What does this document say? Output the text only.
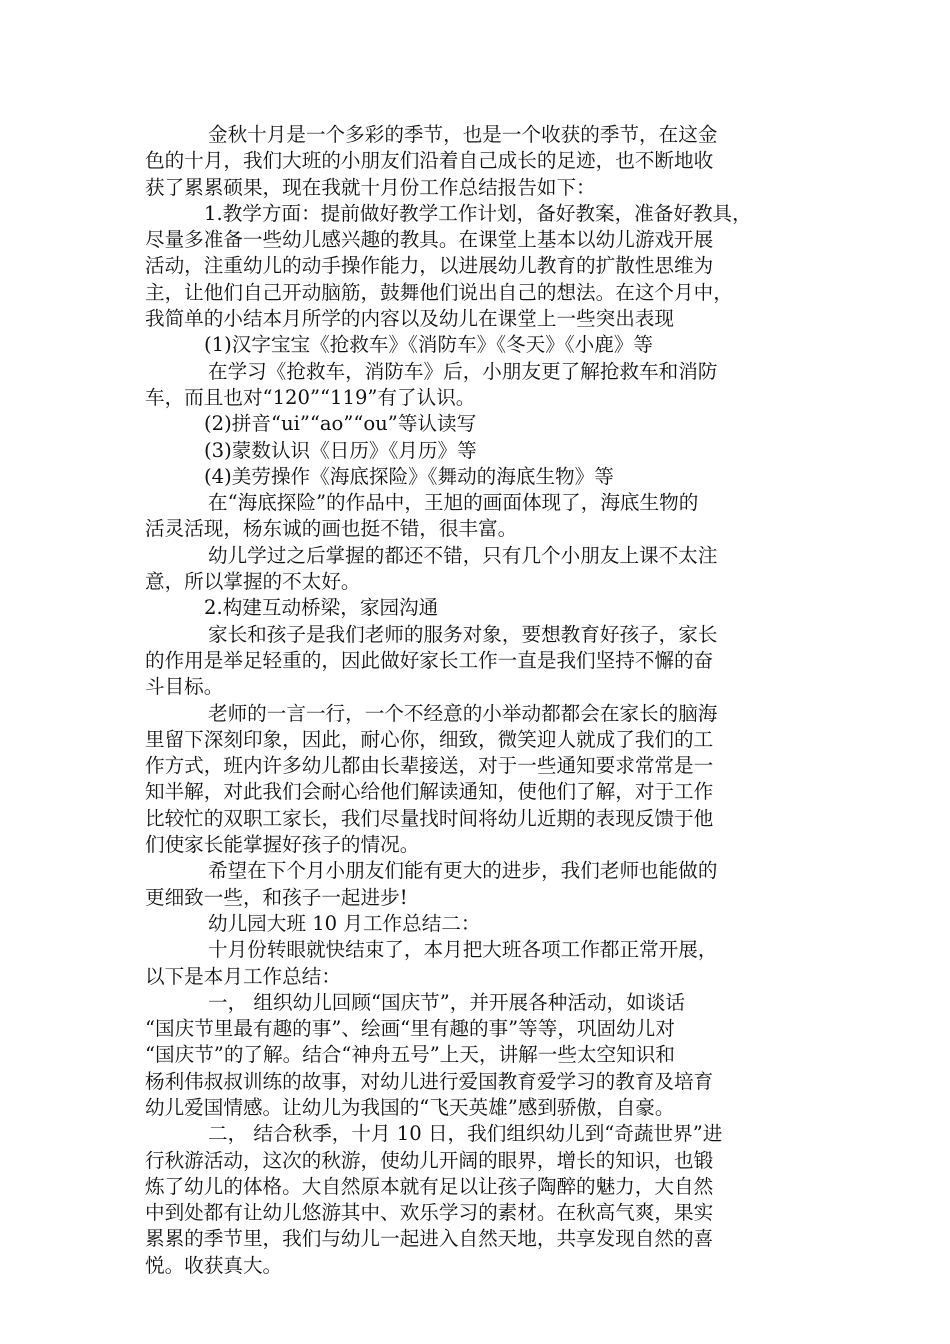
金秋十月是一个多彩的季节，也是一个收获的季节，在这金
色的十月，我们大班的小朋友们沿着自己成长的足迹，也不断地收
获了累累硕果，现在我就十月份工作总结报告如下：
1.教学方面：提前做好教学工作计划，备好教案，准备好教具，
尽量多准备一些幼儿感兴趣的教具。在课堂上基本以幼儿游戏开展
活动，注重幼儿的动手操作能力，以进展幼儿教育的扩散性思维为
主，让他们自己开动脑筋，鼓舞他们说出自己的想法。在这个月中，
我简单的小结本月所学的内容以及幼儿在课堂上一些突出表现
(1)汉字宝宝《抢救车》《消防车》《冬天》《小鹿》等
在学习《抢救车，消防车》后，小朋友更了解抢救车和消防
车，而且也对“120”“119”有了认识。
(2)拼音“ui”“ao”“ou”等认读写
(3)蒙数认识《日历》《月历》等
(4)美劳操作《海底探险》《舞动的海底生物》等
在“海底探险”的作品中，王旭的画面体现了，海底生物的
活灵活现，杨东诚的画也挺不错，很丰富。
幼儿学过之后掌握的都还不错，只有几个小朋友上课不太注
意，所以掌握的不太好。
2.构建互动桥梁，家园沟通
家长和孩子是我们老师的服务对象，要想教育好孩子，家长
的作用是举足轻重的，因此做好家长工作一直是我们坚持不懈的奋
斗目标。
老师的一言一行，一个不经意的小举动都都会在家长的脑海
里留下深刻印象，因此，耐心你，细致，微笑迎人就成了我们的工
作方式，班内许多幼儿都由长辈接送，对于一些通知要求常常是一
知半解，对此我们会耐心给他们解读通知，使他们了解，对于工作
比较忙的双职工家长，我们尽量找时间将幼儿近期的表现反馈于他
们使家长能掌握好孩子的情况。
希望在下个月小朋友们能有更大的进步，我们老师也能做的
更细致一些，和孩子一起进步!
幼儿园大班 10 月工作总结二：
十月份转眼就快结束了，本月把大班各项工作都正常开展，
以下是本月工作总结：
一， 组织幼儿回顾“国庆节”，并开展各种活动，如谈话
“国庆节里最有趣的事”、绘画“里有趣的事”等等，巩固幼儿对
“国庆节”的了解。结合“神舟五号”上天，讲解一些太空知识和
杨利伟叔叔训练的故事，对幼儿进行爱国教育爱学习的教育及培育
幼儿爱国情感。让幼儿为我国的“飞天英雄”感到骄傲，自豪。
二， 结合秋季，十月 10 日，我们组织幼儿到“奇蔬世界”进
行秋游活动，这次的秋游，使幼儿开阔的眼界，增长的知识，也锻
炼了幼儿的体格。大自然原本就有足以让孩子陶醉的魅力，大自然
中到处都有让幼儿悠游其中、欢乐学习的素材。在秋高气爽，果实
累累的季节里，我们与幼儿一起进入自然天地，共享发现自然的喜
悦。收获真大。
